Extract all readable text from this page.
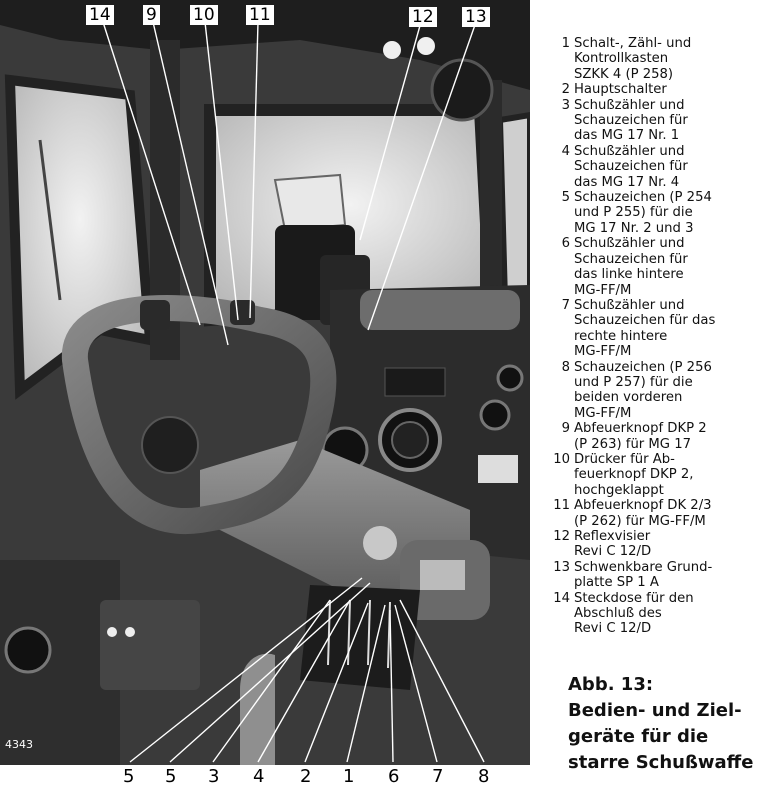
4343
14 9 10 11	12 13
5 5 3 4 2 1 6 7 8
1 Schalt-, Zähl- und
Kontrollkasten
SZKK 4 (P 258)
2 Hauptschalter
3 Schußzähler und
Schauzeichen für
das MG 17 Nr. 1
4 Schußzähler und
Schauzeichen für
das MG 17 Nr. 4
5 Schauzeichen (P 254
und P 255) für die
MG 17 Nr. 2 und 3
6 Schußzähler und
Schauzeichen für
das linke hintere
MG-FF/M
7 Schußzähler und
Schauzeichen für das
rechte hintere
MG-FF/M
8 Schauzeichen (P 256
und P 257) für die
beiden vorderen
MG-FF/M
9 Abfeuerknopf DKP 2
(P 263) für MG 17
10 Drücker für Ab-
feuerknopf DKP 2,
hochgeklappt
11 Abfeuerknopf DK 2/3
(P 262) für MG-FF/M
12 Reflexvisier
Revi C 12/D
13 Schwenkbare Grund-
platte SP 1 A
14 Steckdose für den
Abschluß des
Revi C 12/D
Abb. 13:
Bedien- und Ziel-
geräte für die
starre Schußwaffe
